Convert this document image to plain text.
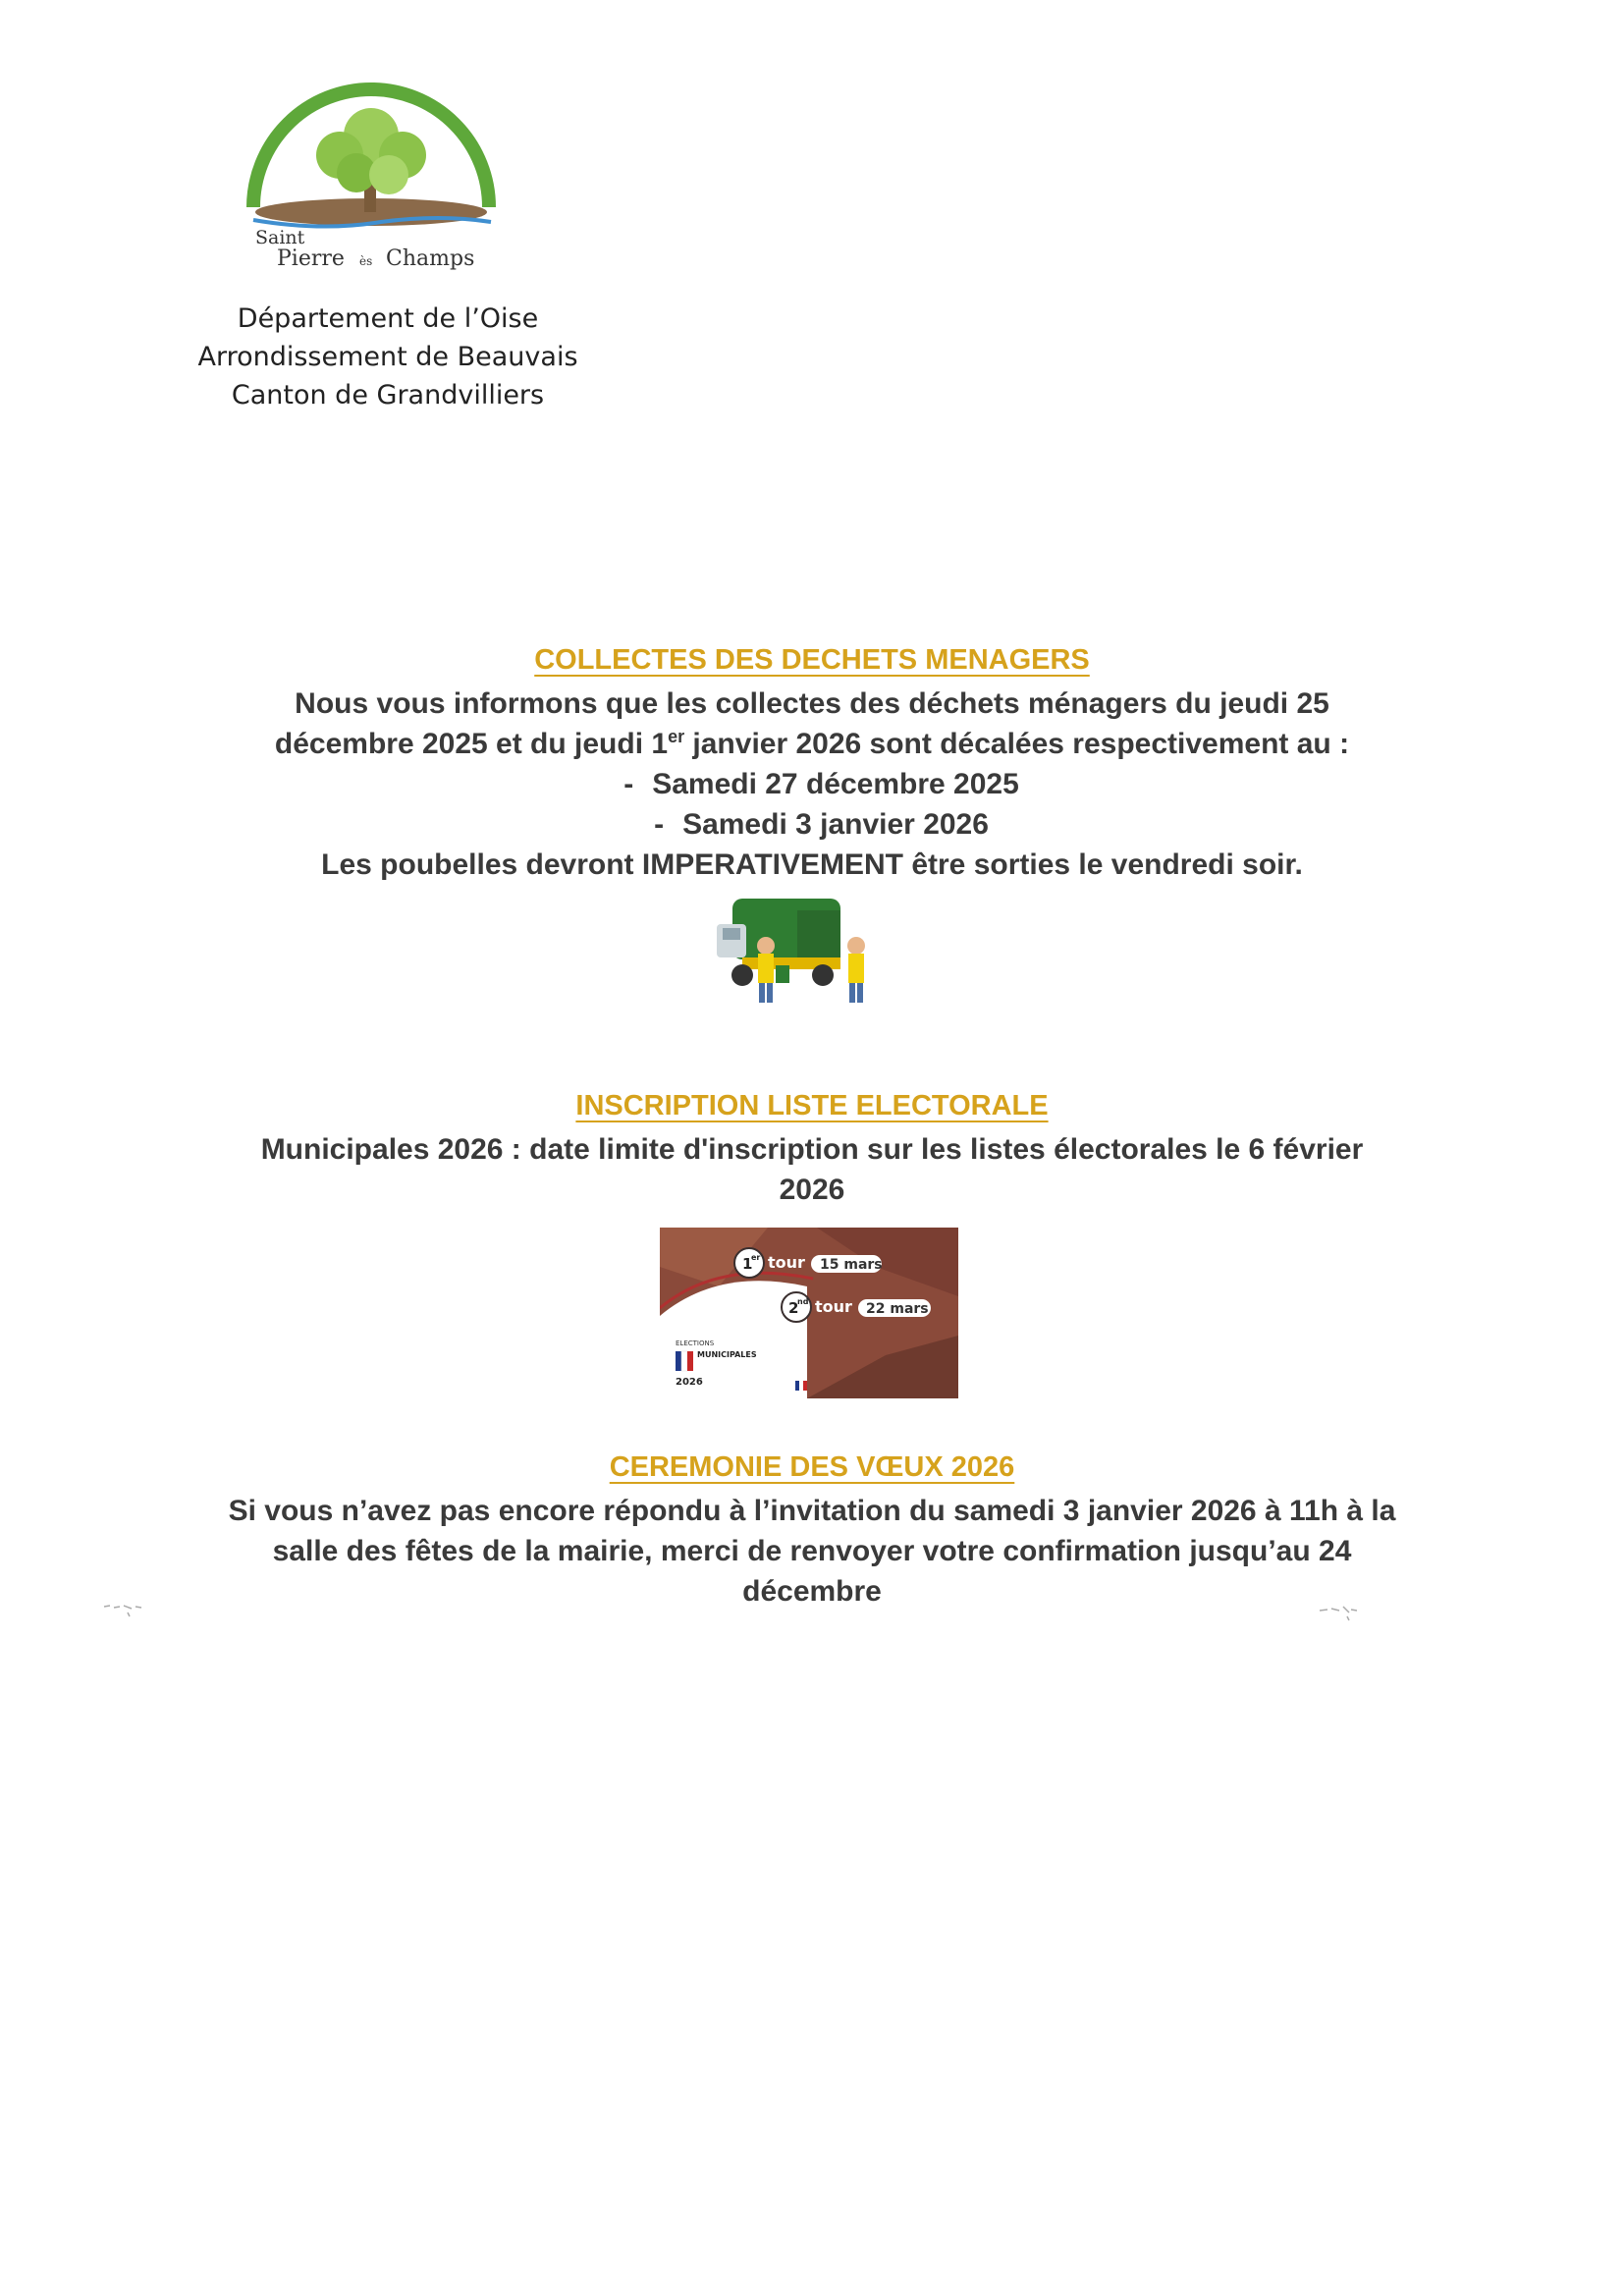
Saint
Pierre ès Champs
Département de l’Oise
Arrondissement de Beauvais
Canton de Grandvilliers
COLLECTES DES DECHETS MENAGERS
Nous vous informons que les collectes des déchets ménagers du jeudi 25
décembre 2025 et du jeudi 1er janvier 2026 sont décalées respectivement au :
- Samedi 27 décembre 2025
- Samedi 3 janvier 2026
Les poubelles devront IMPERATIVEMENT être sorties le vendredi soir.
INSCRIPTION LISTE ELECTORALE
Municipales 2026 : date limite d'inscription sur les listes électorales le 6 février
2026
1
er tour 15 mars
2
nd tour 22 mars
ELECTIONS
MUNICIPALES
2026
CEREMONIE DES VŒUX 2026
Si vous n’avez pas encore répondu à l’invitation du samedi 3 janvier 2026 à 11h à la
salle des fêtes de la mairie, merci de renvoyer votre confirmation jusqu’au 24
décembre
